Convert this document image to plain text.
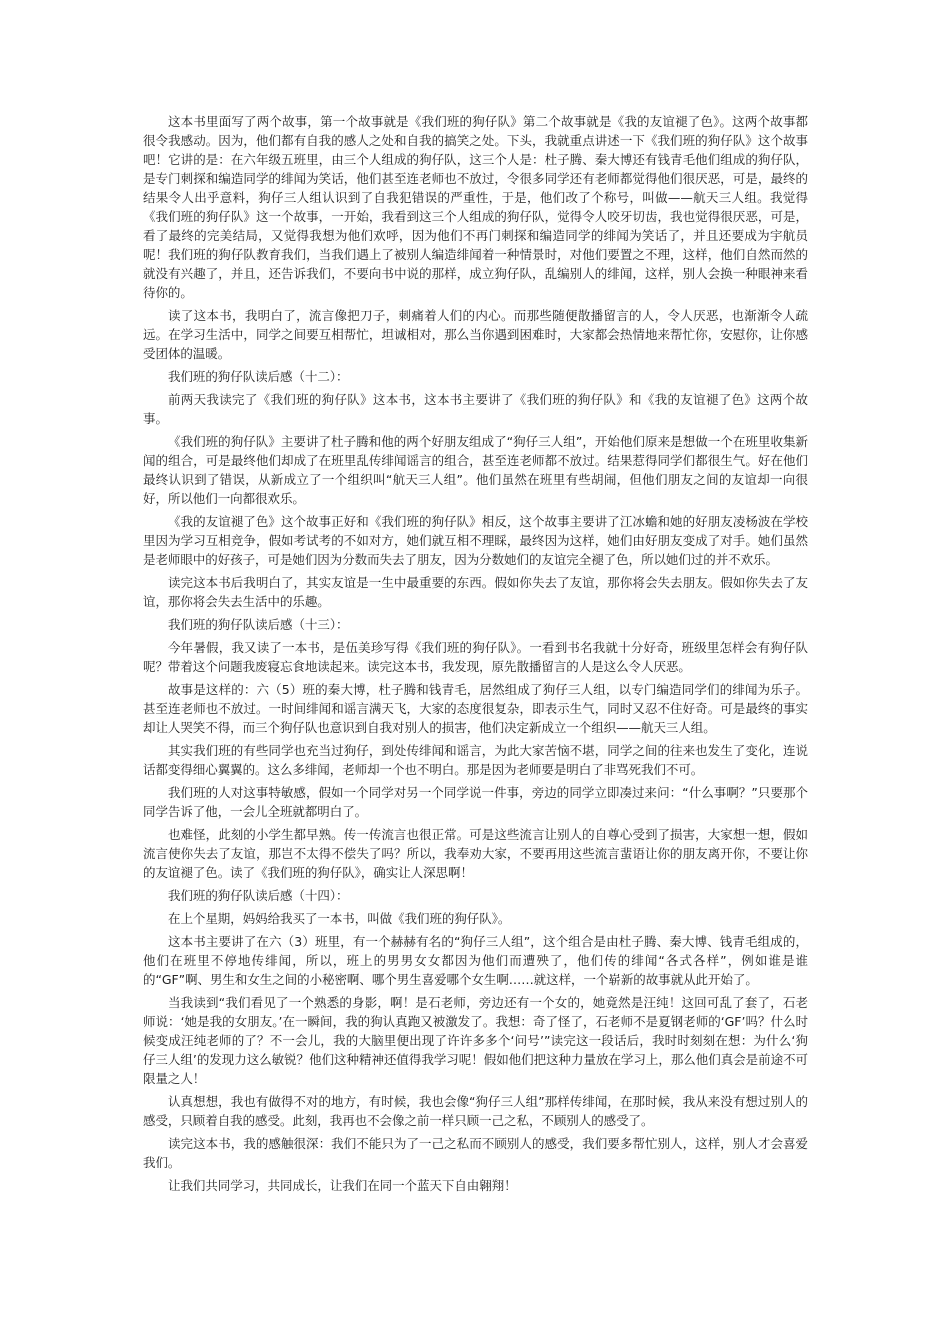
这本书里面写了两个故事，第一个故事就是《我们班的狗仔队》第二个故事就是《我的友谊褪了色》。这两个故事都很令我感动。因为，他们都有自我的感人之处和自我的搞笑之处。下头，我就重点讲述一下《我们班的狗仔队》这个故事吧！它讲的是：在六年级五班里，由三个人组成的狗仔队，这三个人是：杜子腾、秦大博还有钱青毛他们组成的狗仔队，是专门刺探和编造同学的绯闻为笑话，他们甚至连老师也不放过，令很多同学还有老师都觉得他们很厌恶，可是，最终的结果令人出乎意料，狗仔三人组认识到了自我犯错误的严重性，于是，他们改了个称号，叫做——航天三人组。我觉得《我们班的狗仔队》这一个故事，一开始，我看到这三个人组成的狗仔队，觉得令人咬牙切齿，我也觉得很厌恶，可是，看了最终的完美结局，又觉得我想为他们欢呼，因为他们不再门刺探和编造同学的绯闻为笑话了，并且还要成为宇航员呢！我们班的狗仔队教育我们，当我们遇上了被别人编造绯闻着一种情景时，对他们要置之不理，这样，他们自然而然的就没有兴趣了，并且，还告诉我们，不要向书中说的那样，成立狗仔队，乱编别人的绯闻，这样，别人会换一种眼神来看待你的。

读了这本书，我明白了，流言像把刀子，刺痛着人们的内心。而那些随便散播留言的人，令人厌恶，也渐渐令人疏远。在学习生活中，同学之间要互相帮忙，坦诚相对，那么当你遇到困难时，大家都会热情地来帮忙你，安慰你，让你感受团体的温暖。

我们班的狗仔队读后感（十二）：

前两天我读完了《我们班的狗仔队》这本书，这本书主要讲了《我们班的狗仔队》和《我的友谊褪了色》这两个故事。

《我们班的狗仔队》主要讲了杜子腾和他的两个好朋友组成了“狗仔三人组”，开始他们原来是想做一个在班里收集新闻的组合，可是最终他们却成了在班里乱传绯闻谣言的组合，甚至连老师都不放过。结果惹得同学们都很生气。好在他们最终认识到了错误，从新成立了一个组织叫“航天三人组”。他们虽然在班里有些胡闹，但他们朋友之间的友谊却一向很好，所以他们一向都很欢乐。

《我的友谊褪了色》这个故事正好和《我们班的狗仔队》相反，这个故事主要讲了江冰蟾和她的好朋友凌杨波在学校里因为学习互相竞争，假如考试考的不如对方，她们就互相不理睬，最终因为这样，她们由好朋友变成了对手。她们虽然是老师眼中的好孩子，可是她们因为分数而失去了朋友，因为分数她们的友谊完全褪了色，所以她们过的并不欢乐。

读完这本书后我明白了，其实友谊是一生中最重要的东西。假如你失去了友谊，那你将会失去朋友。假如你失去了友谊，那你将会失去生活中的乐趣。

我们班的狗仔队读后感（十三）：

今年暑假，我又读了一本书，是伍美珍写得《我们班的狗仔队》。一看到书名我就十分好奇，班级里怎样会有狗仔队呢？带着这个问题我废寝忘食地读起来。读完这本书，我发现，原先散播留言的人是这么令人厌恶。

故事是这样的：六（5）班的秦大博，杜子腾和钱青毛，居然组成了狗仔三人组，以专门编造同学们的绯闻为乐子。甚至连老师也不放过。一时间绯闻和谣言满天飞，大家的态度很复杂，即表示生气，同时又忍不住好奇。可是最终的事实却让人哭笑不得，而三个狗仔队也意识到自我对别人的损害，他们决定新成立一个组织——航天三人组。

其实我们班的有些同学也充当过狗仔，到处传绯闻和谣言，为此大家苦恼不堪，同学之间的往来也发生了变化，连说话都变得细心翼翼的。这么多绯闻，老师却一个也不明白。那是因为老师要是明白了非骂死我们不可。

我们班的人对这事特敏感，假如一个同学对另一个同学说一件事，旁边的同学立即凑过来问：“什么事啊？”只要那个同学告诉了他，一会儿全班就都明白了。

也难怪，此刻的小学生都早熟。传一传流言也很正常。可是这些流言让别人的自尊心受到了损害，大家想一想，假如流言使你失去了友谊，那岂不太得不偿失了吗？所以，我奉劝大家，不要再用这些流言蜚语让你的朋友离开你，不要让你的友谊褪了色。读了《我们班的狗仔队》，确实让人深思啊！

我们班的狗仔队读后感（十四）：

在上个星期，妈妈给我买了一本书，叫做《我们班的狗仔队》。

这本书主要讲了在六（3）班里，有一个赫赫有名的“狗仔三人组”，这个组合是由杜子腾、秦大博、钱青毛组成的，他们在班里不停地传绯闻，所以，班上的男男女女都因为他们而遭殃了，他们传的绯闻“各式各样”，例如谁是谁的“GF”啊、男生和女生之间的小秘密啊、哪个男生喜爱哪个女生啊……就这样，一个崭新的故事就从此开始了。

当我读到“我们看见了一个熟悉的身影，啊！是石老师，旁边还有一个女的，她竟然是汪纯！这回可乱了套了，石老师说：‘她是我的女朋友。’在一瞬间，我的狗认真跑又被激发了。我想：奇了怪了，石老师不是夏钢老师的‘GF’吗？什么时候变成汪纯老师的了？不一会儿，我的大脑里便出现了许许多多个‘问号’”读完这一段话后，我时时刻刻在想：为什么‘狗仔三人组’的发现力这么敏锐？他们这种精神还值得我学习呢！假如他们把这种力量放在学习上，那么他们真会是前途不可限量之人！

认真想想，我也有做得不对的地方，有时候，我也会像“狗仔三人组”那样传绯闻，在那时候，我从来没有想过别人的感受，只顾着自我的感受。此刻，我再也不会像之前一样只顾一己之私，不顾别人的感受了。

读完这本书，我的感触很深：我们不能只为了一己之私而不顾别人的感受，我们要多帮忙别人，这样，别人才会喜爱我们。

让我们共同学习，共同成长，让我们在同一个蓝天下自由翱翔！
